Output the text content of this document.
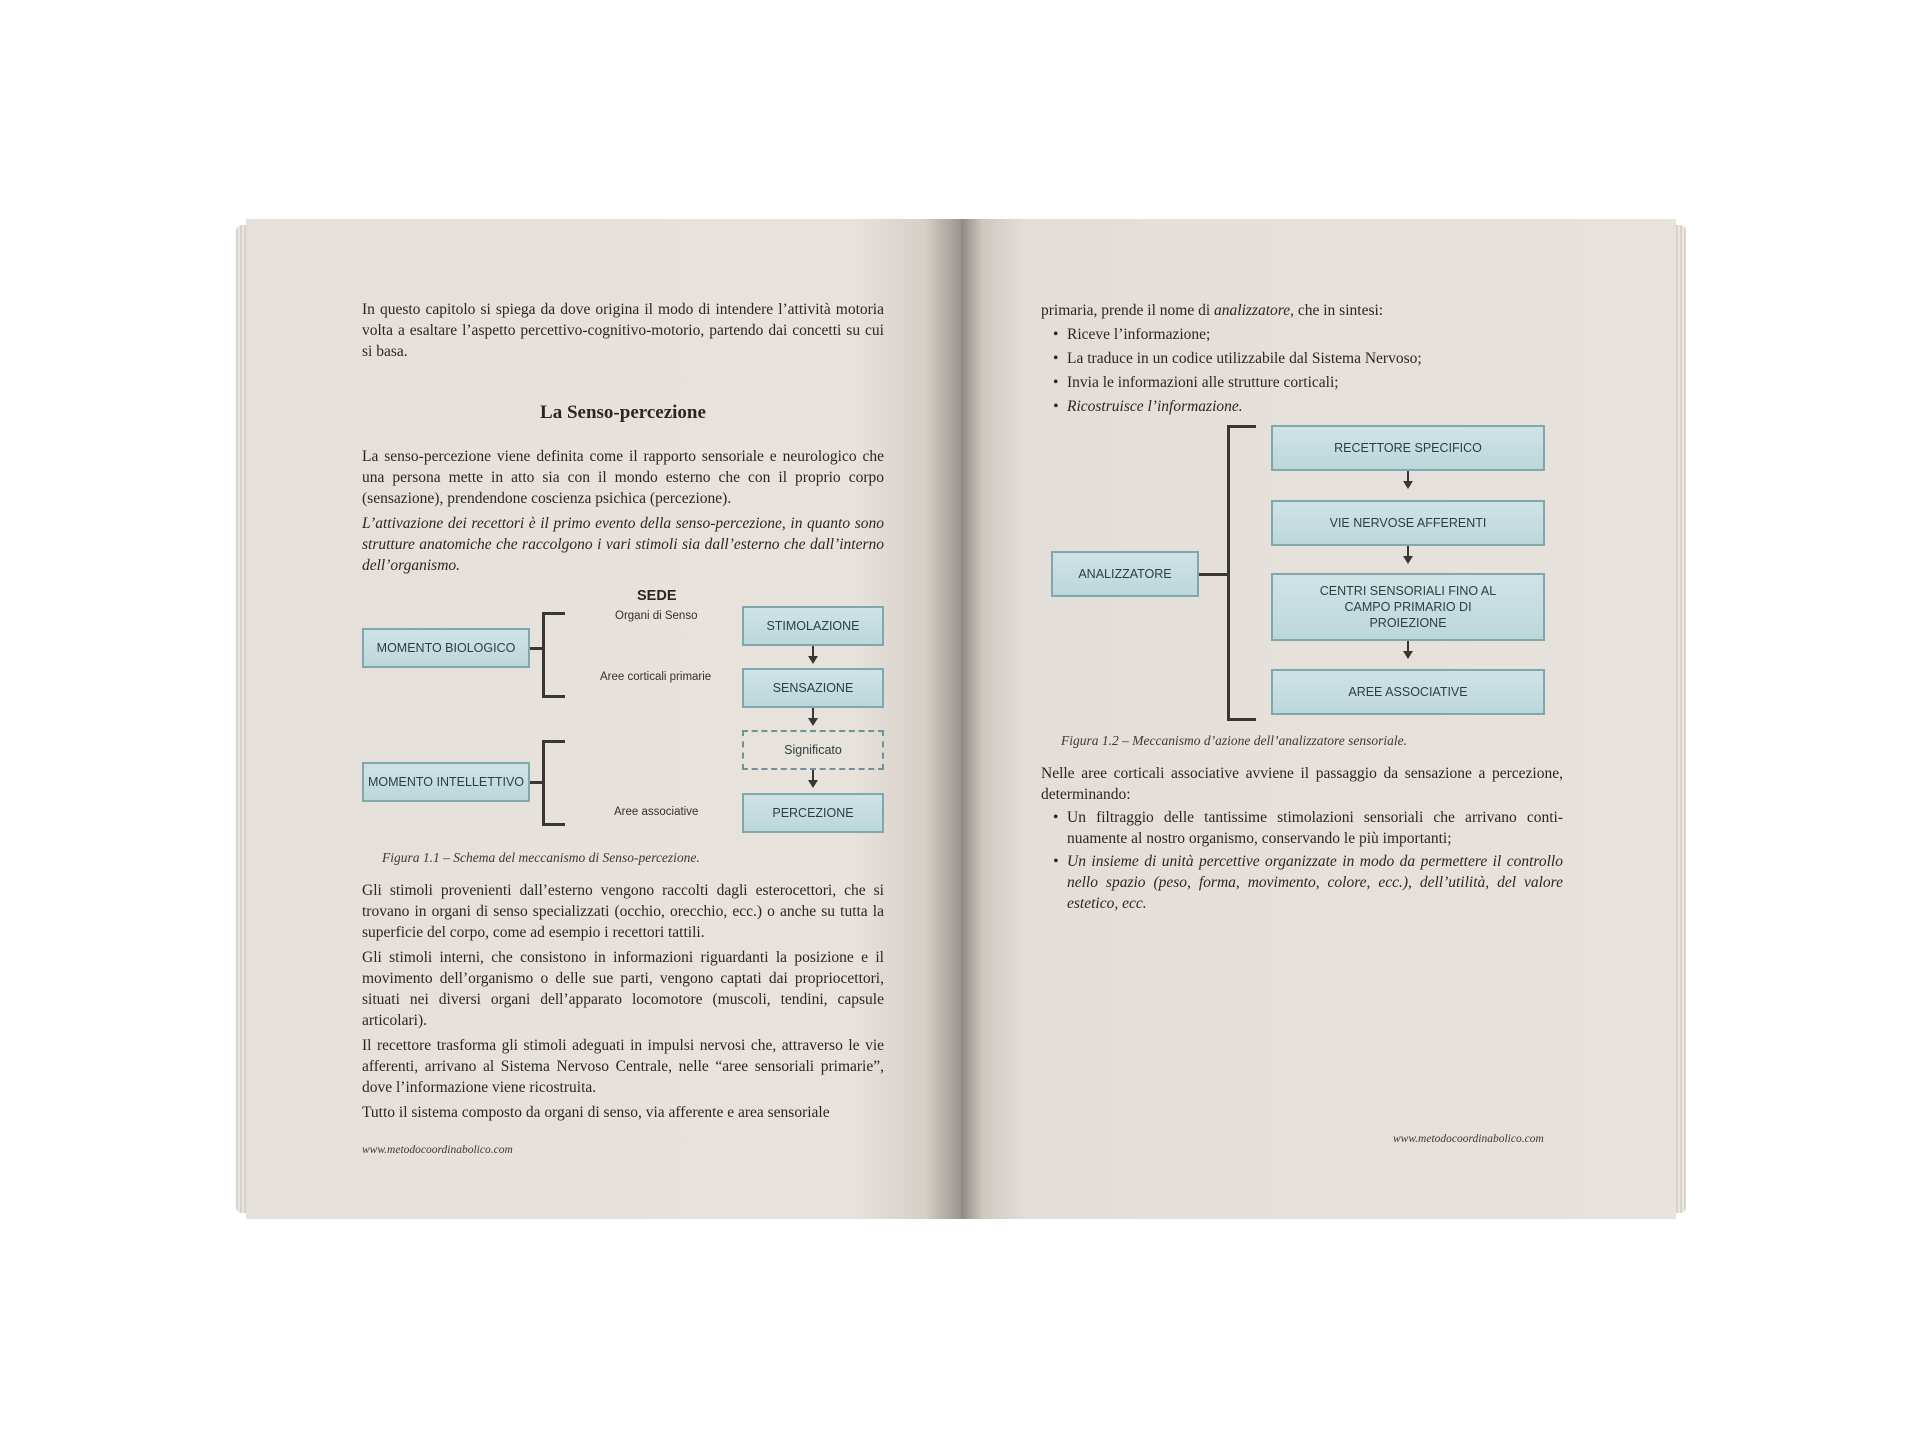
In questo capitolo si spiega da dove origina il modo di intendere l’attività motoria volta a esaltare l’aspetto percettivo-cognitivo-motorio, partendo dai concetti su cui si basa.

La Senso-percezione

La senso-percezione viene definita come il rapporto sensoriale e neurologico che una persona mette in atto sia con il mondo esterno che con il proprio corpo (sensazione), prendendone coscienza psichica (percezione).

L’attivazione dei recettori è il primo evento della senso-percezione, in quanto sono strutture anatomiche che raccolgono i vari stimoli sia dall’esterno che dall’interno dell’organismo.

SEDE
MOMENTO BIOLOGICO
Organi di Senso
Aree corticali primarie
MOMENTO INTELLETTIVO
Aree associative
STIMOLAZIONE
SENSAZIONE
Significato
PERCEZIONE
Figura 1.1 – Schema del meccanismo di Senso-percezione.

Gli stimoli provenienti dall’esterno vengono raccolti dagli esterocettori, che si trovano in organi di senso specializzati (occhio, orecchio, ecc.) o anche su tutta la superficie del corpo, come ad esempio i recettori tattili.

Gli stimoli interni, che consistono in informazioni riguardanti la posizione e il movimento dell’organismo o delle sue parti, vengono captati dai propriocettori, situati nei diversi organi dell’apparato locomotore (muscoli, tendini, capsule articolari).

Il recettore trasforma gli stimoli adeguati in impulsi nervosi che, attraverso le vie afferenti, arrivano al Sistema Nervoso Centrale, nelle “aree sensoriali primarie”, dove l’informazione viene ricostruita.

Tutto il sistema composto da organi di senso, via afferente e area sensoriale

www.metodocoordinabolico.com

primaria, prende il nome di analizzatore, che in sintesi:

• Riceve l’informazione;
• La traduce in un codice utilizzabile dal Sistema Nervoso;
• Invia le informazioni alle strutture corticali;
• Ricostruisce l’informazione.
ANALIZZATORE
RECETTORE SPECIFICO
VIE NERVOSE AFFERENTI
CENTRI SENSORIALI FINO AL CAMPO PRIMARIO DI PROIEZIONE
AREE ASSOCIATIVE
Figura 1.2 – Meccanismo d’azione dell’analizzatore sensoriale.

Nelle aree corticali associative avviene il passaggio da sensazione a percezione, determinando:

• Un filtraggio delle tantissime stimolazioni sensoriali che arrivano continuamente al nostro organismo, conservando le più importanti;
• Un insieme di unità percettive organizzate in modo da permettere il controllo nello spazio (peso, forma, movimento, colore, ecc.), dell’utilità, del valore estetico, ecc.
www.metodocoordinabolico.com
